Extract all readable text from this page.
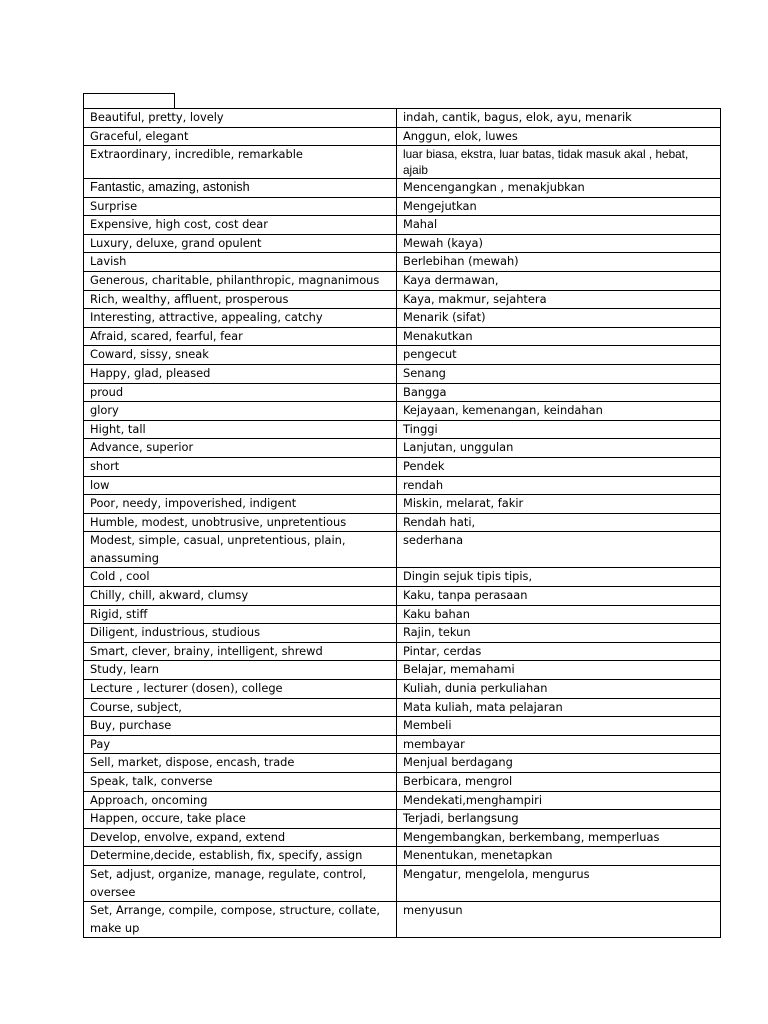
Beautiful, pretty, lovely	indah, cantik, bagus, elok, ayu, menarik
Graceful, elegant	Anggun, elok, luwes
Extraordinary, incredible, remarkable	luar biasa, ekstra, luar batas, tidak masuk akal , hebat, ajaib
Fantastic, amazing, astonish	Mencengangkan , menakjubkan
Surprise	Mengejutkan
Expensive, high cost, cost dear	Mahal
Luxury, deluxe, grand opulent	Mewah (kaya)
Lavish	Berlebihan (mewah)
Generous, charitable, philanthropic, magnanimous	Kaya dermawan,
Rich, wealthy, affluent, prosperous	Kaya, makmur, sejahtera
Interesting, attractive, appealing, catchy	Menarik (sifat)
Afraid, scared, fearful, fear	Menakutkan
Coward, sissy, sneak	pengecut
Happy, glad, pleased	Senang
proud	Bangga
glory	Kejayaan, kemenangan, keindahan
Hight, tall	Tinggi
Advance, superior	Lanjutan, unggulan
short	Pendek
low	rendah
Poor, needy, impoverished, indigent	Miskin, melarat, fakir
Humble, modest, unobtrusive, unpretentious	Rendah hati,
Modest, simple, casual, unpretentious, plain, anassuming	sederhana
Cold , cool	Dingin sejuk tipis tipis,
Chilly, chill, akward, clumsy	Kaku, tanpa perasaan
Rigid, stiff	Kaku bahan
Diligent, industrious, studious	Rajin, tekun
Smart, clever, brainy, intelligent, shrewd	Pintar, cerdas
Study, learn	Belajar, memahami
Lecture , lecturer (dosen), college	Kuliah, dunia perkuliahan
Course, subject,	Mata kuliah, mata pelajaran
Buy, purchase	Membeli
Pay	membayar
Sell, market, dispose, encash, trade	Menjual berdagang
Speak, talk, converse	Berbicara, mengrol
Approach, oncoming	Mendekati,menghampiri
Happen, occure, take place	Terjadi, berlangsung
Develop, envolve, expand, extend	Mengembangkan, berkembang, memperluas
Determine,decide, establish, fix, specify, assign	Menentukan, menetapkan
Set, adjust, organize, manage, regulate, control, oversee	Mengatur, mengelola, mengurus
Set, Arrange, compile, compose, structure, collate, make up	menyusun
